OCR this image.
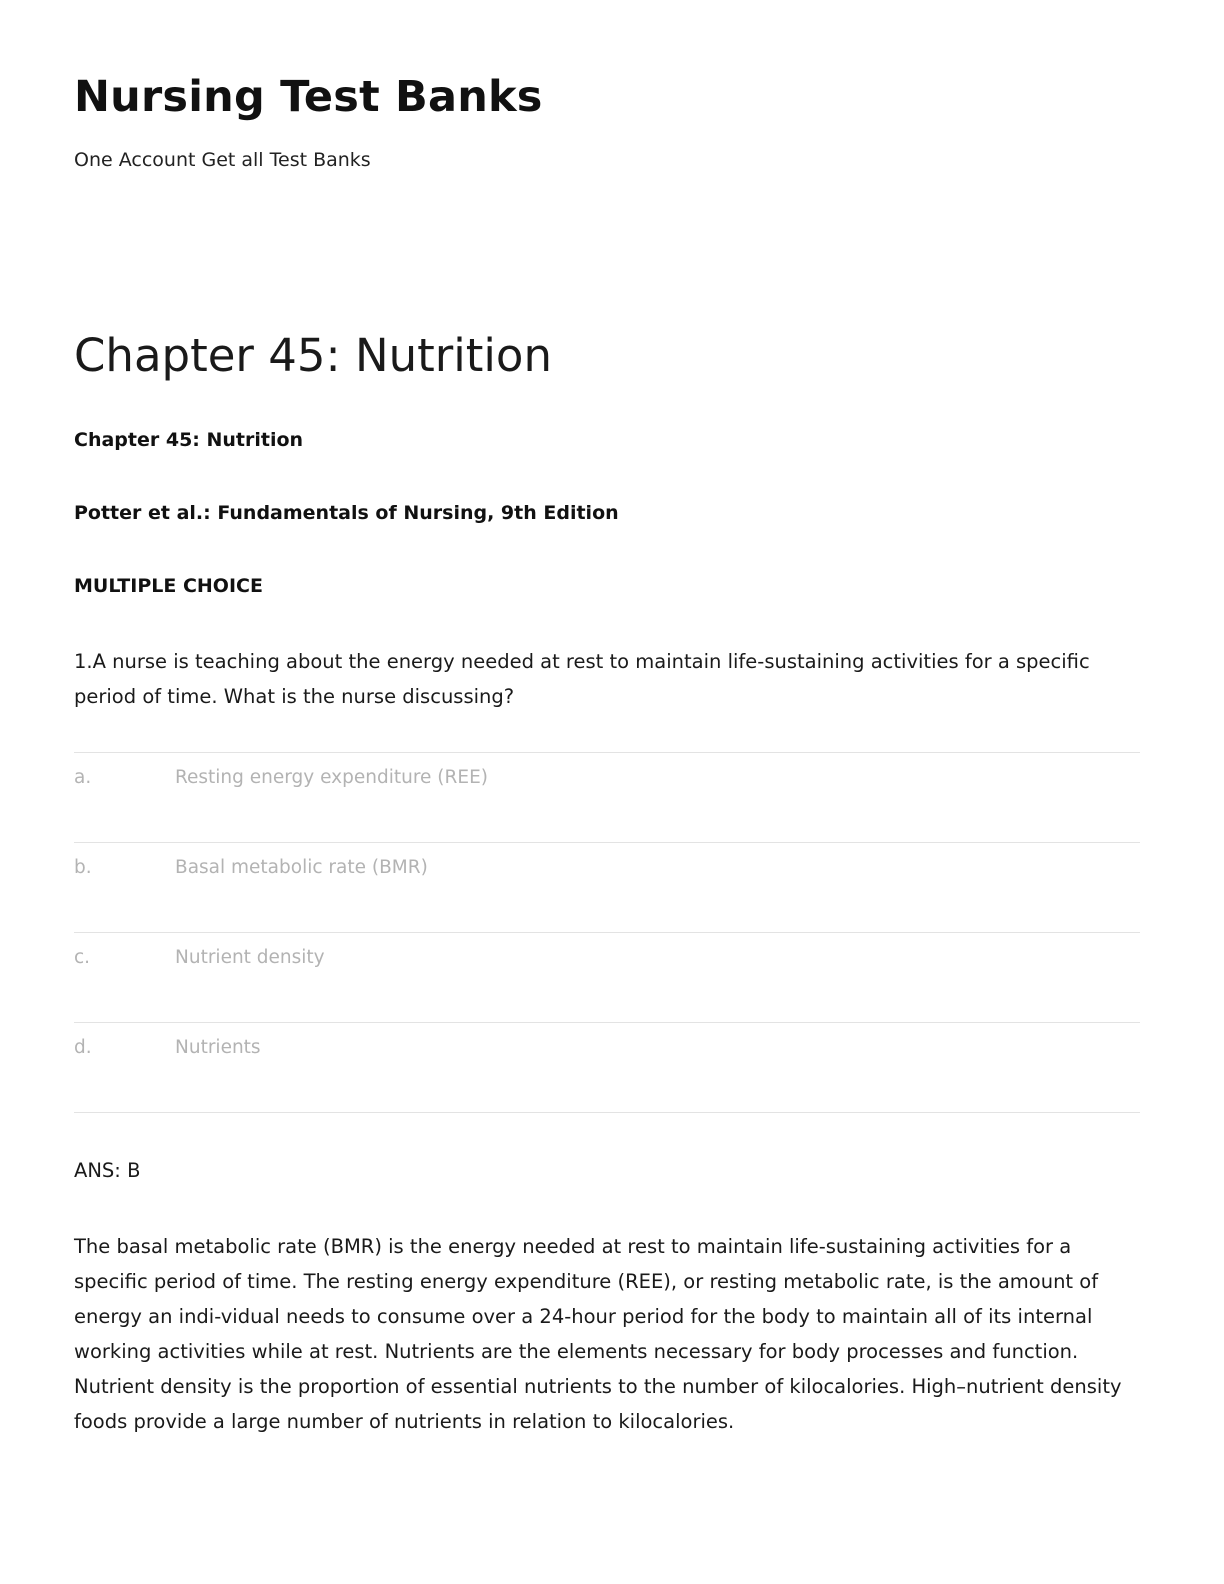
Nursing Test Banks

One Account Get all Test Banks

Chapter 45: Nutrition

Chapter 45: Nutrition

Potter et al.: Fundamentals of Nursing, 9th Edition

MULTIPLE CHOICE

1.A nurse is teaching about the energy needed at rest to maintain life-sustaining activities for a specific period of time. What is the nurse discussing?

a.	Resting energy expenditure (REE)
b.	Basal metabolic rate (BMR)
c.	Nutrient density
d.	Nutrients

ANS: B

The basal metabolic rate (BMR) is the energy needed at rest to maintain life-sustaining activities for a specific period of time. The resting energy expenditure (REE), or resting metabolic rate, is the amount of energy an indi-vidual needs to consume over a 24-hour period for the body to maintain all of its internal working activities while at rest. Nutrients are the elements necessary for body processes and function. Nutrient density is the proportion of essential nutrients to the number of kilocalories. High–nutrient density foods provide a large number of nutrients in relation to kilocalories.
